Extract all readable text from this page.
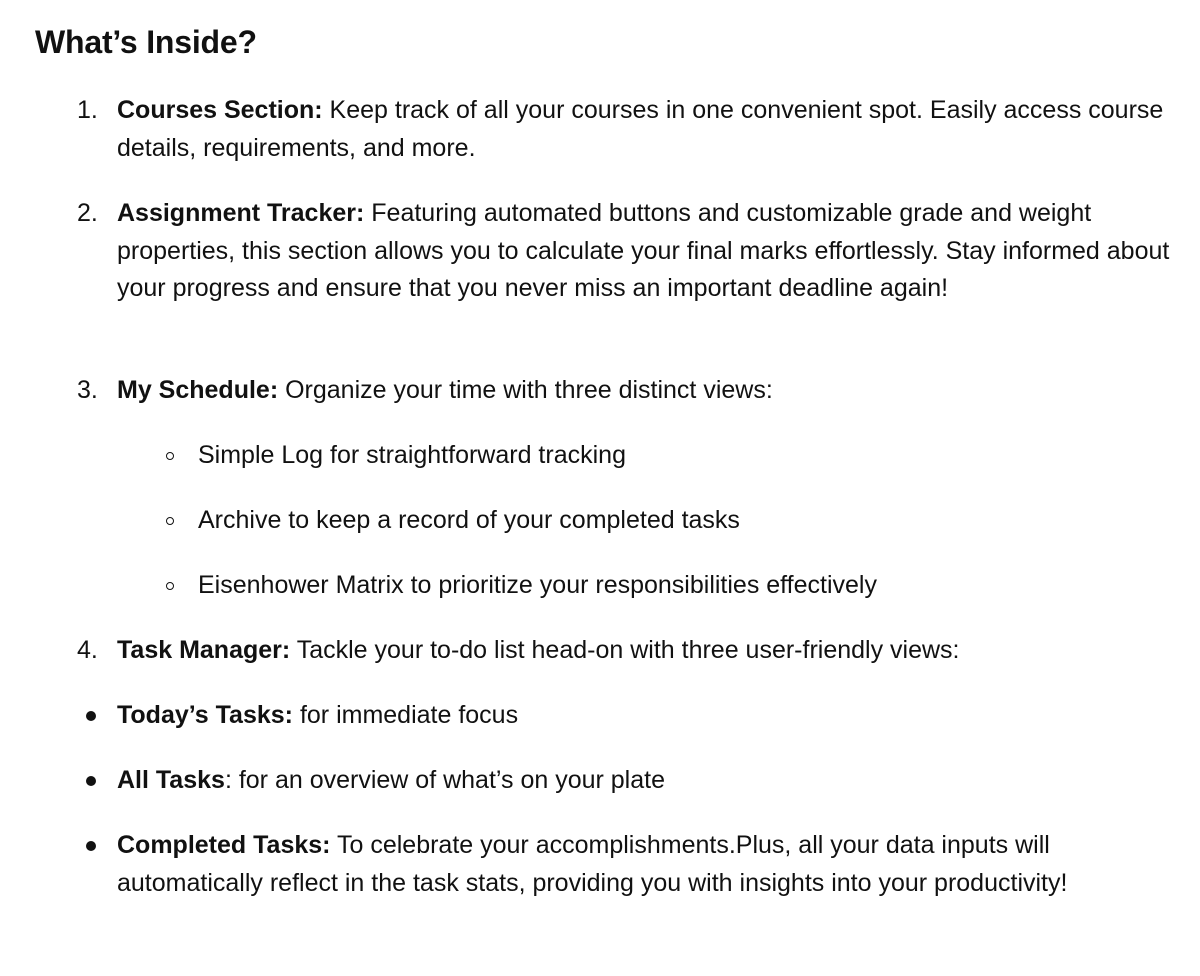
What’s Inside?
1. Courses Section: Keep track of all your courses in one convenient spot. Easily access course details, requirements, and more.

2. Assignment Tracker: Featuring automated buttons and customizable grade and weight properties, this section allows you to calculate your final marks effortlessly. Stay informed about your progress and ensure that you never miss an important deadline again!

3. My Schedule: Organize your time with three distinct views:

Simple Log for straightforward tracking

Archive to keep a record of your completed tasks

Eisenhower Matrix to prioritize your responsibilities effectively

4. Task Manager: Tackle your to-do list head-on with three user-friendly views:

Today’s Tasks: for immediate focus

All Tasks: for an overview of what’s on your plate

Completed Tasks: To celebrate your accomplishments.Plus, all your data inputs will automatically reflect in the task stats, providing you with insights into your productivity!
